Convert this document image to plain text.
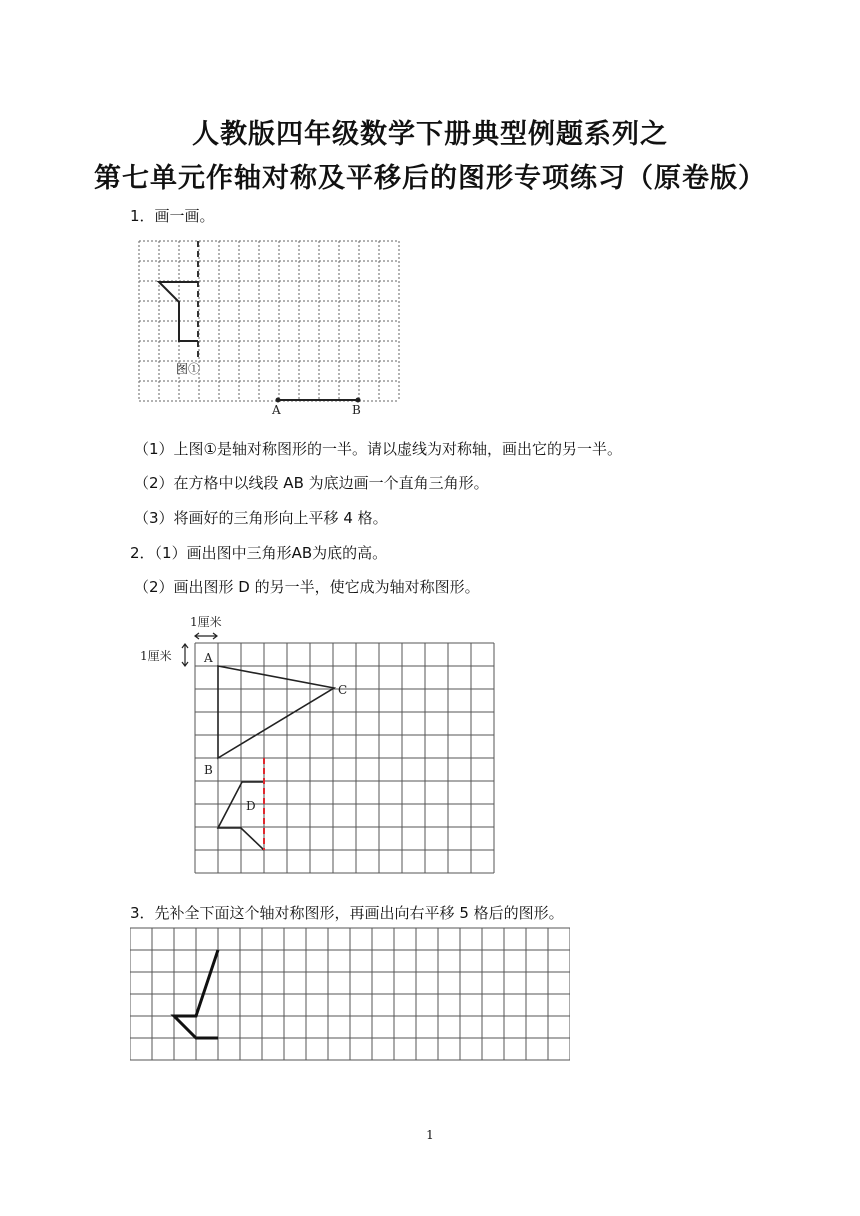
人教版四年级数学下册典型例题系列之
第七单元作轴对称及平移后的图形专项练习（原卷版）
1．画一画。
图①
A	B
（1）上图①是轴对称图形的一半。请以虚线为对称轴，画出它的另一半。
（2）在方格中以线段 AB 为底边画一个直角三角形。
（3）将画好的三角形向上平移 4 格。
2．（1）画出图中三角形AB为底的高。
（2）画出图形 D 的另一半，使它成为轴对称图形。
1厘米
1厘米	A
C
B
D
3．先补全下面这个轴对称图形，再画出向右平移 5 格后的图形。
1
